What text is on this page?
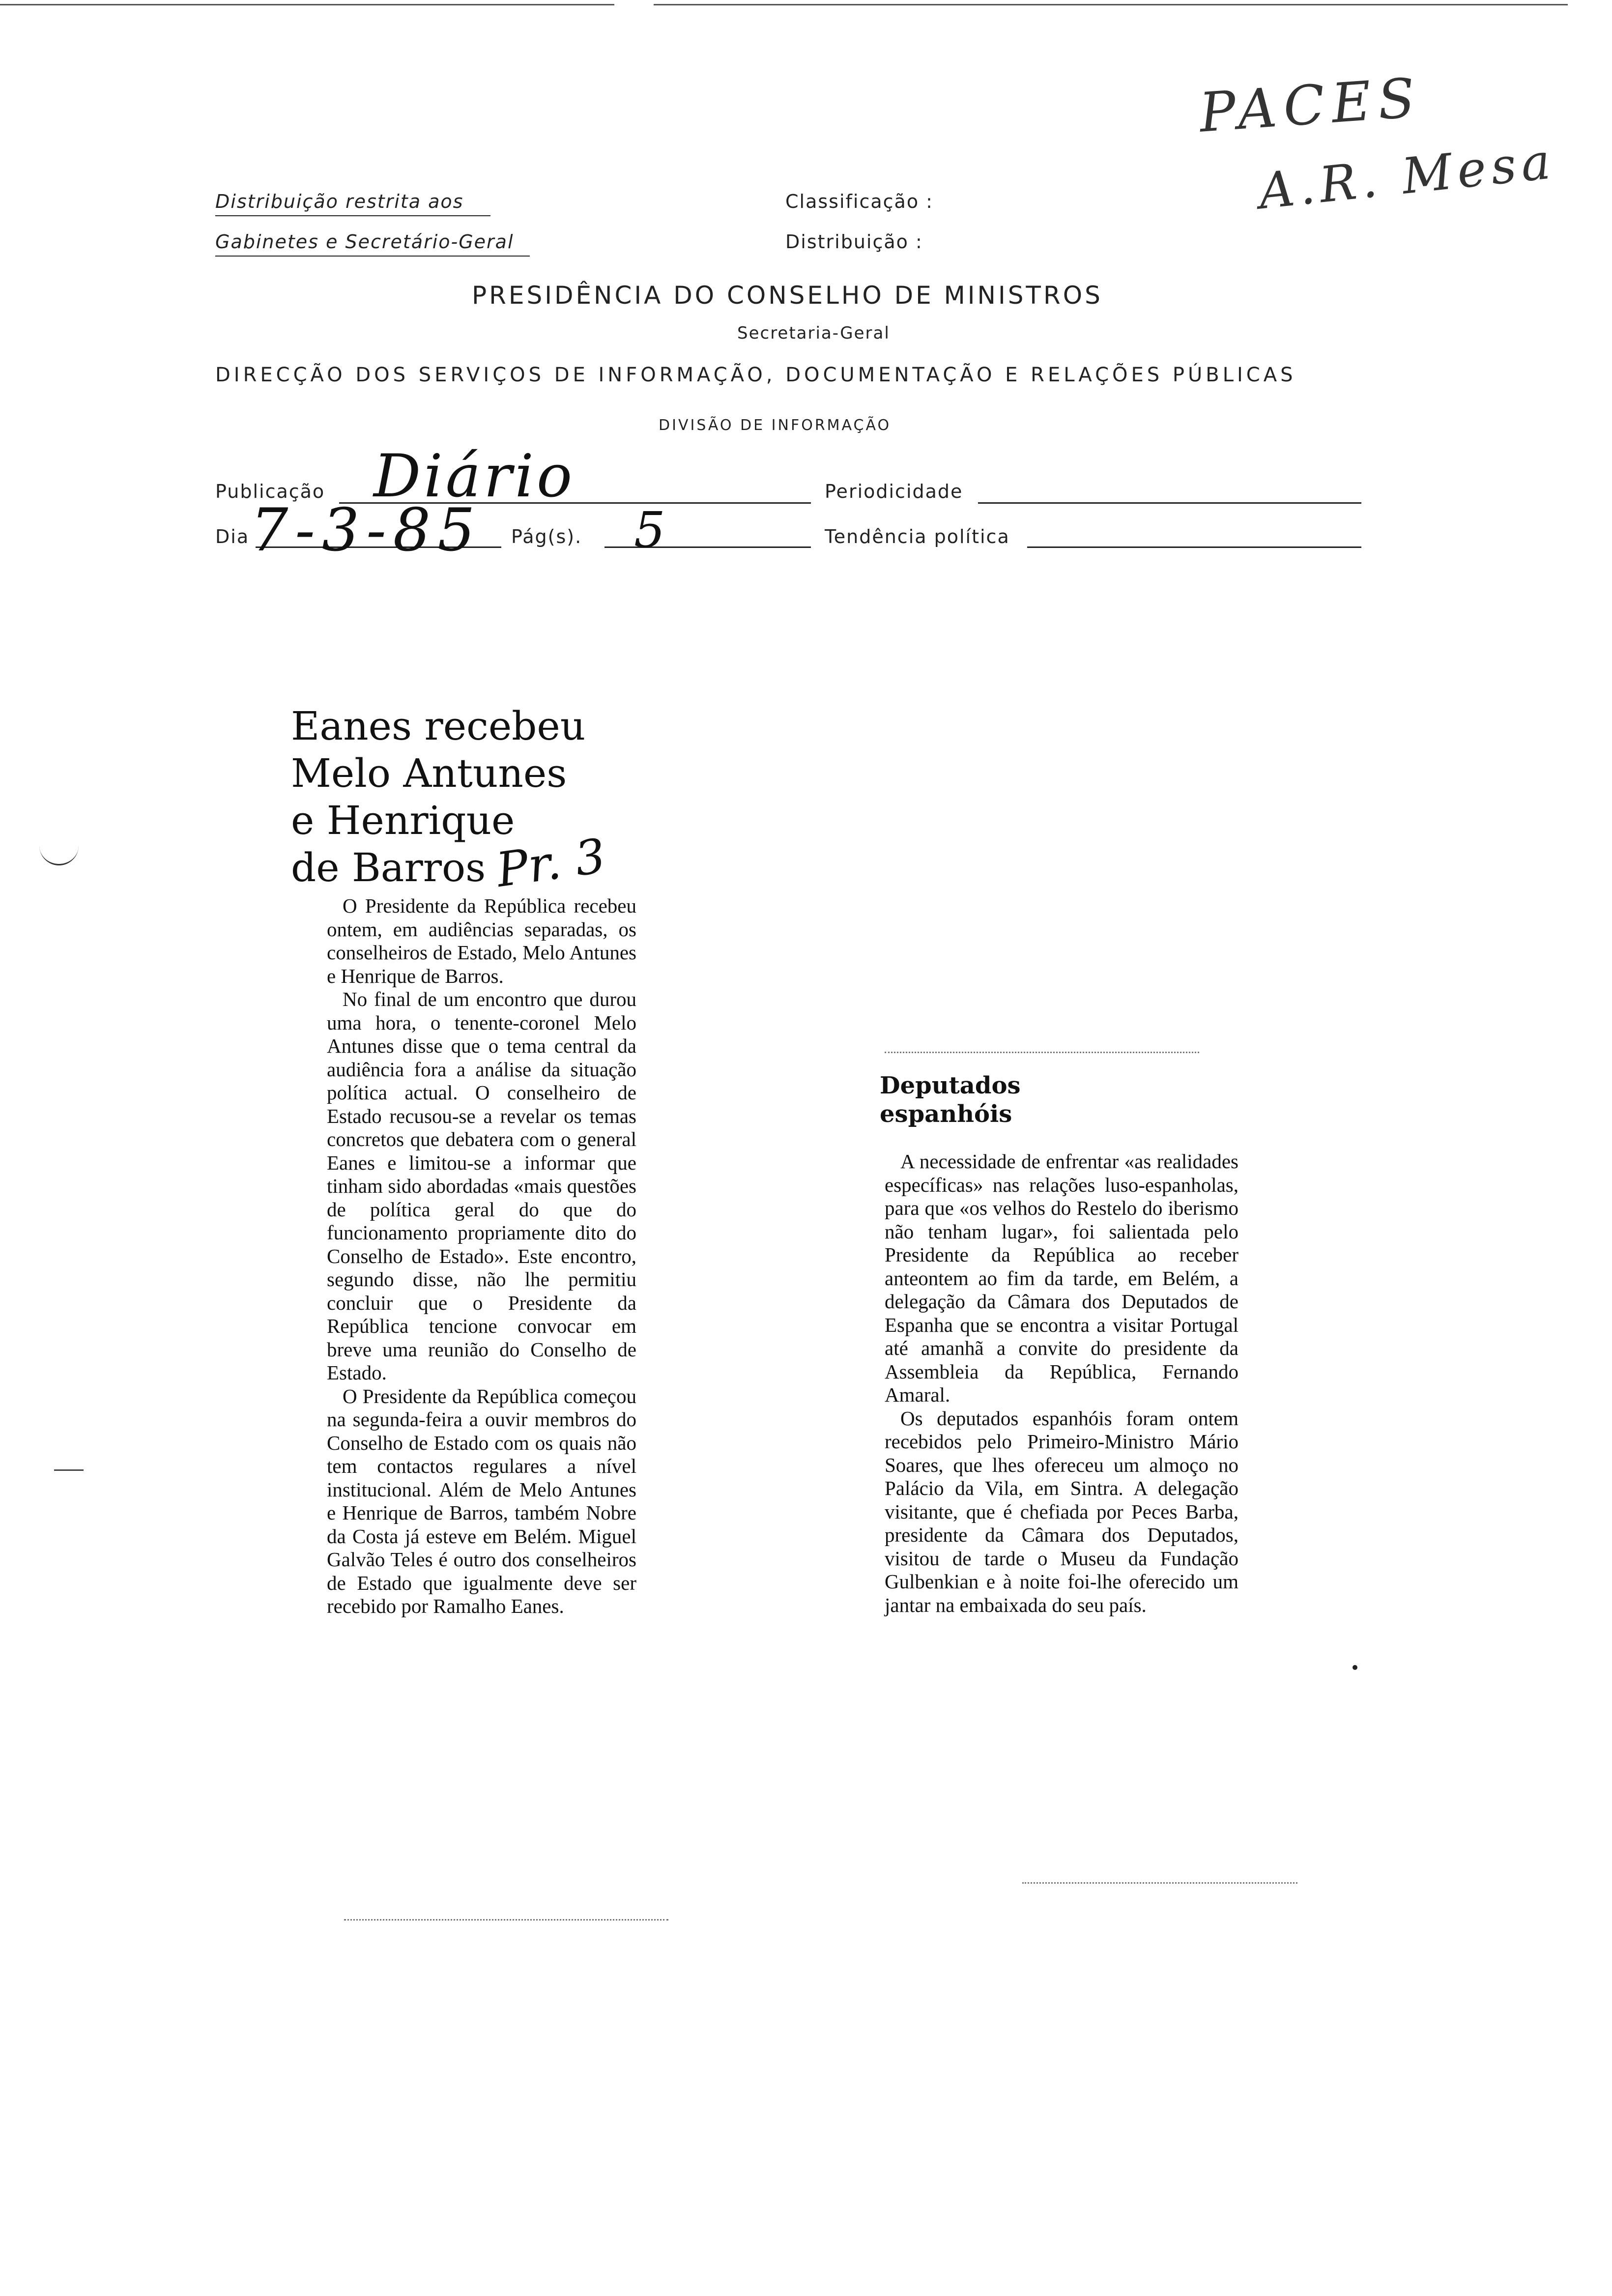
PACES
A.R. Mesa
Distribuição restrita aos
Gabinetes e Secretário-Geral
Classificação :
Distribuição :
PRESIDÊNCIA DO CONSELHO DE MINISTROS
Secretaria-Geral
DIRECÇÃO DOS SERVIÇOS DE INFORMAÇÃO, DOCUMENTAÇÃO E RELAÇÕES PÚBLICAS
DIVISÃO DE INFORMAÇÃO
Publicação Diário	Periodicidade
Dia 7-3-85 Pág(s). 5	Tendência política
Eanes recebeu
Melo Antunes
e Henrique
de Barros Pr. 3

O Presidente da República recebeu ontem, em audiências separadas, os conselheiros de Estado, Melo Antunes e Henrique de Barros.

No final de um encontro que durou uma hora, o tenente-coronel Melo Antunes disse que o tema central da audiência fora a análise da situação política actual. O conselheiro de Estado recusou-se a revelar os temas concretos que debatera com o general Eanes e limitou-se a informar que tinham sido abordadas «mais questões de política geral do que do funcionamento propriamente dito do Conselho de Estado». Este encontro, segundo disse, não lhe permitiu concluir que o Presidente da República tencione convocar em breve uma reunião do Conselho de Estado.

O Presidente da República começou na segunda-feira a ouvir membros do Conselho de Estado com os quais não tem contactos regulares a nível institucional. Além de Melo Antunes e Henrique de Barros, também Nobre da Costa já esteve em Belém. Miguel Galvão Teles é outro dos conselheiros de Estado que igualmente deve ser recebido por Ramalho Eanes.

Deputados
espanhóis

A necessidade de enfrentar «as realidades específicas» nas relações luso-espanholas, para que «os velhos do Restelo do iberismo não tenham lugar», foi salientada pelo Presidente da República ao receber anteontem ao fim da tarde, em Belém, a delegação da Câmara dos Deputados de Espanha que se encontra a visitar Portugal até amanhã a convite do presidente da Assembleia da República, Fernando Amaral.

Os deputados espanhóis foram ontem recebidos pelo Primeiro-Ministro Mário Soares, que lhes ofereceu um almoço no Palácio da Vila, em Sintra. A delegação visitante, que é chefiada por Peces Barba, presidente da Câmara dos Deputados, visitou de tarde o Museu da Fundação Gulbenkian e à noite foi-lhe oferecido um jantar na embaixada do seu país.
